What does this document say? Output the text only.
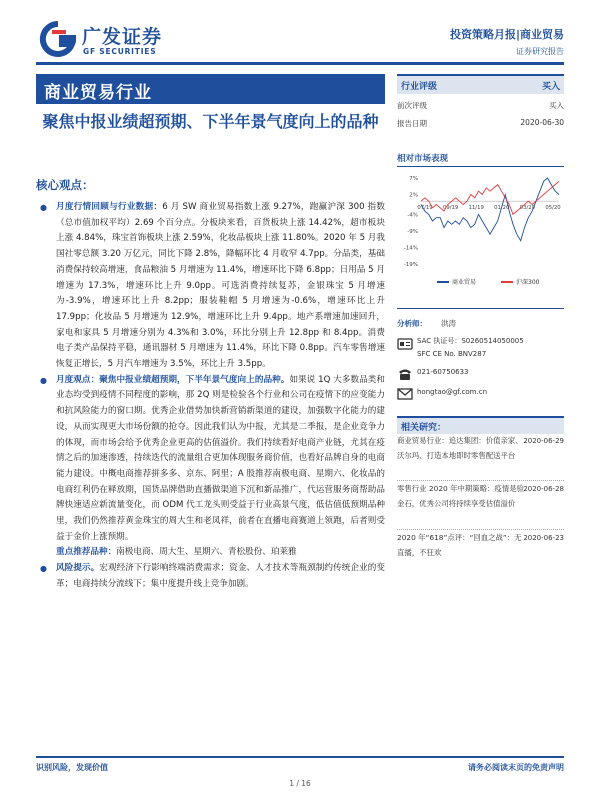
广发证券
GF SECURITIES
投资策略月报|商业贸易
证券研究报告
商业贸易行业
聚焦中报业绩超预期、下半年景气度向上的品种
核心观点：
●	月度行情回顾与行业数据：6 月 SW 商业贸易指数上涨 9.27%，跑赢沪深 300 指数（总市值加权平均）2.69 个百分点。分板块来看，百货板块上涨 14.42%，超市板块上涨 4.84%，珠宝首饰板块上涨 2.59%，化妆品板块上涨 11.80%。2020 年 5 月我国社零总额 3.20 万亿元，同比下降 2.8%，降幅环比 4 月收窄 4.7pp。分品类，基础消费保持较高增速，食品粮油 5 月增速为 11.4%，增速环比下降 6.8pp；日用品 5 月增速为 17.3%，增速环比上升 9.0pp。可选消费持续复苏，金银珠宝 5 月增速为-3.9%，增速环比上升 8.2pp；服装鞋帽 5 月增速为-0.6%，增速环比上升 17.9pp；化妆品 5 月增速为 12.9%，增速环比上升 9.4pp。地产系增速加速回升，家电和家具 5 月增速分别为 4.3%和 3.0%，环比分别上升 12.8pp 和 8.4pp。消费电子类产品保持平稳，通讯器材 5 月增速为 11.4%，环比下降 0.8pp。汽车零售增速恢复正增长，5 月汽车增速为 3.5%，环比上升 3.5pp。
●	月度观点：聚焦中报业绩超预期，下半年景气度向上的品种。如果说 1Q 大多数品类和业态均受到疫情不同程度的影响，那 2Q 则是检验各个行业和公司在疫情下的应变能力和抗风险能力的窗口期。优秀企业借势加快新营销新渠道的建设，加强数字化能力的建设，从而实现更大市场份额的抢夺。因此我们认为中报，尤其是二季报，是企业竞争力的体现，而市场会给予优秀企业更高的估值溢价。我们持续看好电商产业链，尤其在疫情之后的加速渗透，持续迭代的流量组合更加体现服务商价值，也看好品牌自身的电商能力建设。中概电商推荐拼多多、京东、阿里；A 股推荐南极电商、星期六、化妆品的电商红利仍在释放期，国货品牌借助直播做渠道下沉和新品推广，代运营服务商帮助品牌快速适应新流量变化，而 ODM 代工龙头则受益于行业高景气度，低估值低预期品种里，我们仍然推荐黄金珠宝的周大生和老凤祥，前者在直播电商赛道上领跑，后者则受益于金价上涨预期。
重点推荐品种：南极电商、周大生、星期六、青松股份、珀莱雅
●	风险提示。宏观经济下行影响终端消费需求；资金、人才技术等瓶颈制约传统企业的变革；电商持续分流线下；集中度提升线上竞争加剧。
行业评级	买入
前次评级	买入
报告日期	2020-06-30
相对市场表现
7%
2%
-4%
-9%
-14%
-19%
07/19 09/19 11/19 01/20 03/20 05/20
商业贸易	沪深300
分析师： 洪涛
SAC 执证号：S0260514050005
SFC CE No. BNV287
021-60750633
hongtao@gf.com.cn
相关研究：
商业贸易行业：追达集团：价值亲家、沃尔玛、打造本地即时零售配送平台
2020-06-29
零售行业 2020 年中期策略：疫情是验金石，优秀公司将持续享受估值溢价
2020-06-28
2020 年“618”点评：“回血之战”：无直播，不狂欢
2020-06-23
识别风险，发现价值	请务必阅读末页的免责声明
1 / 16
